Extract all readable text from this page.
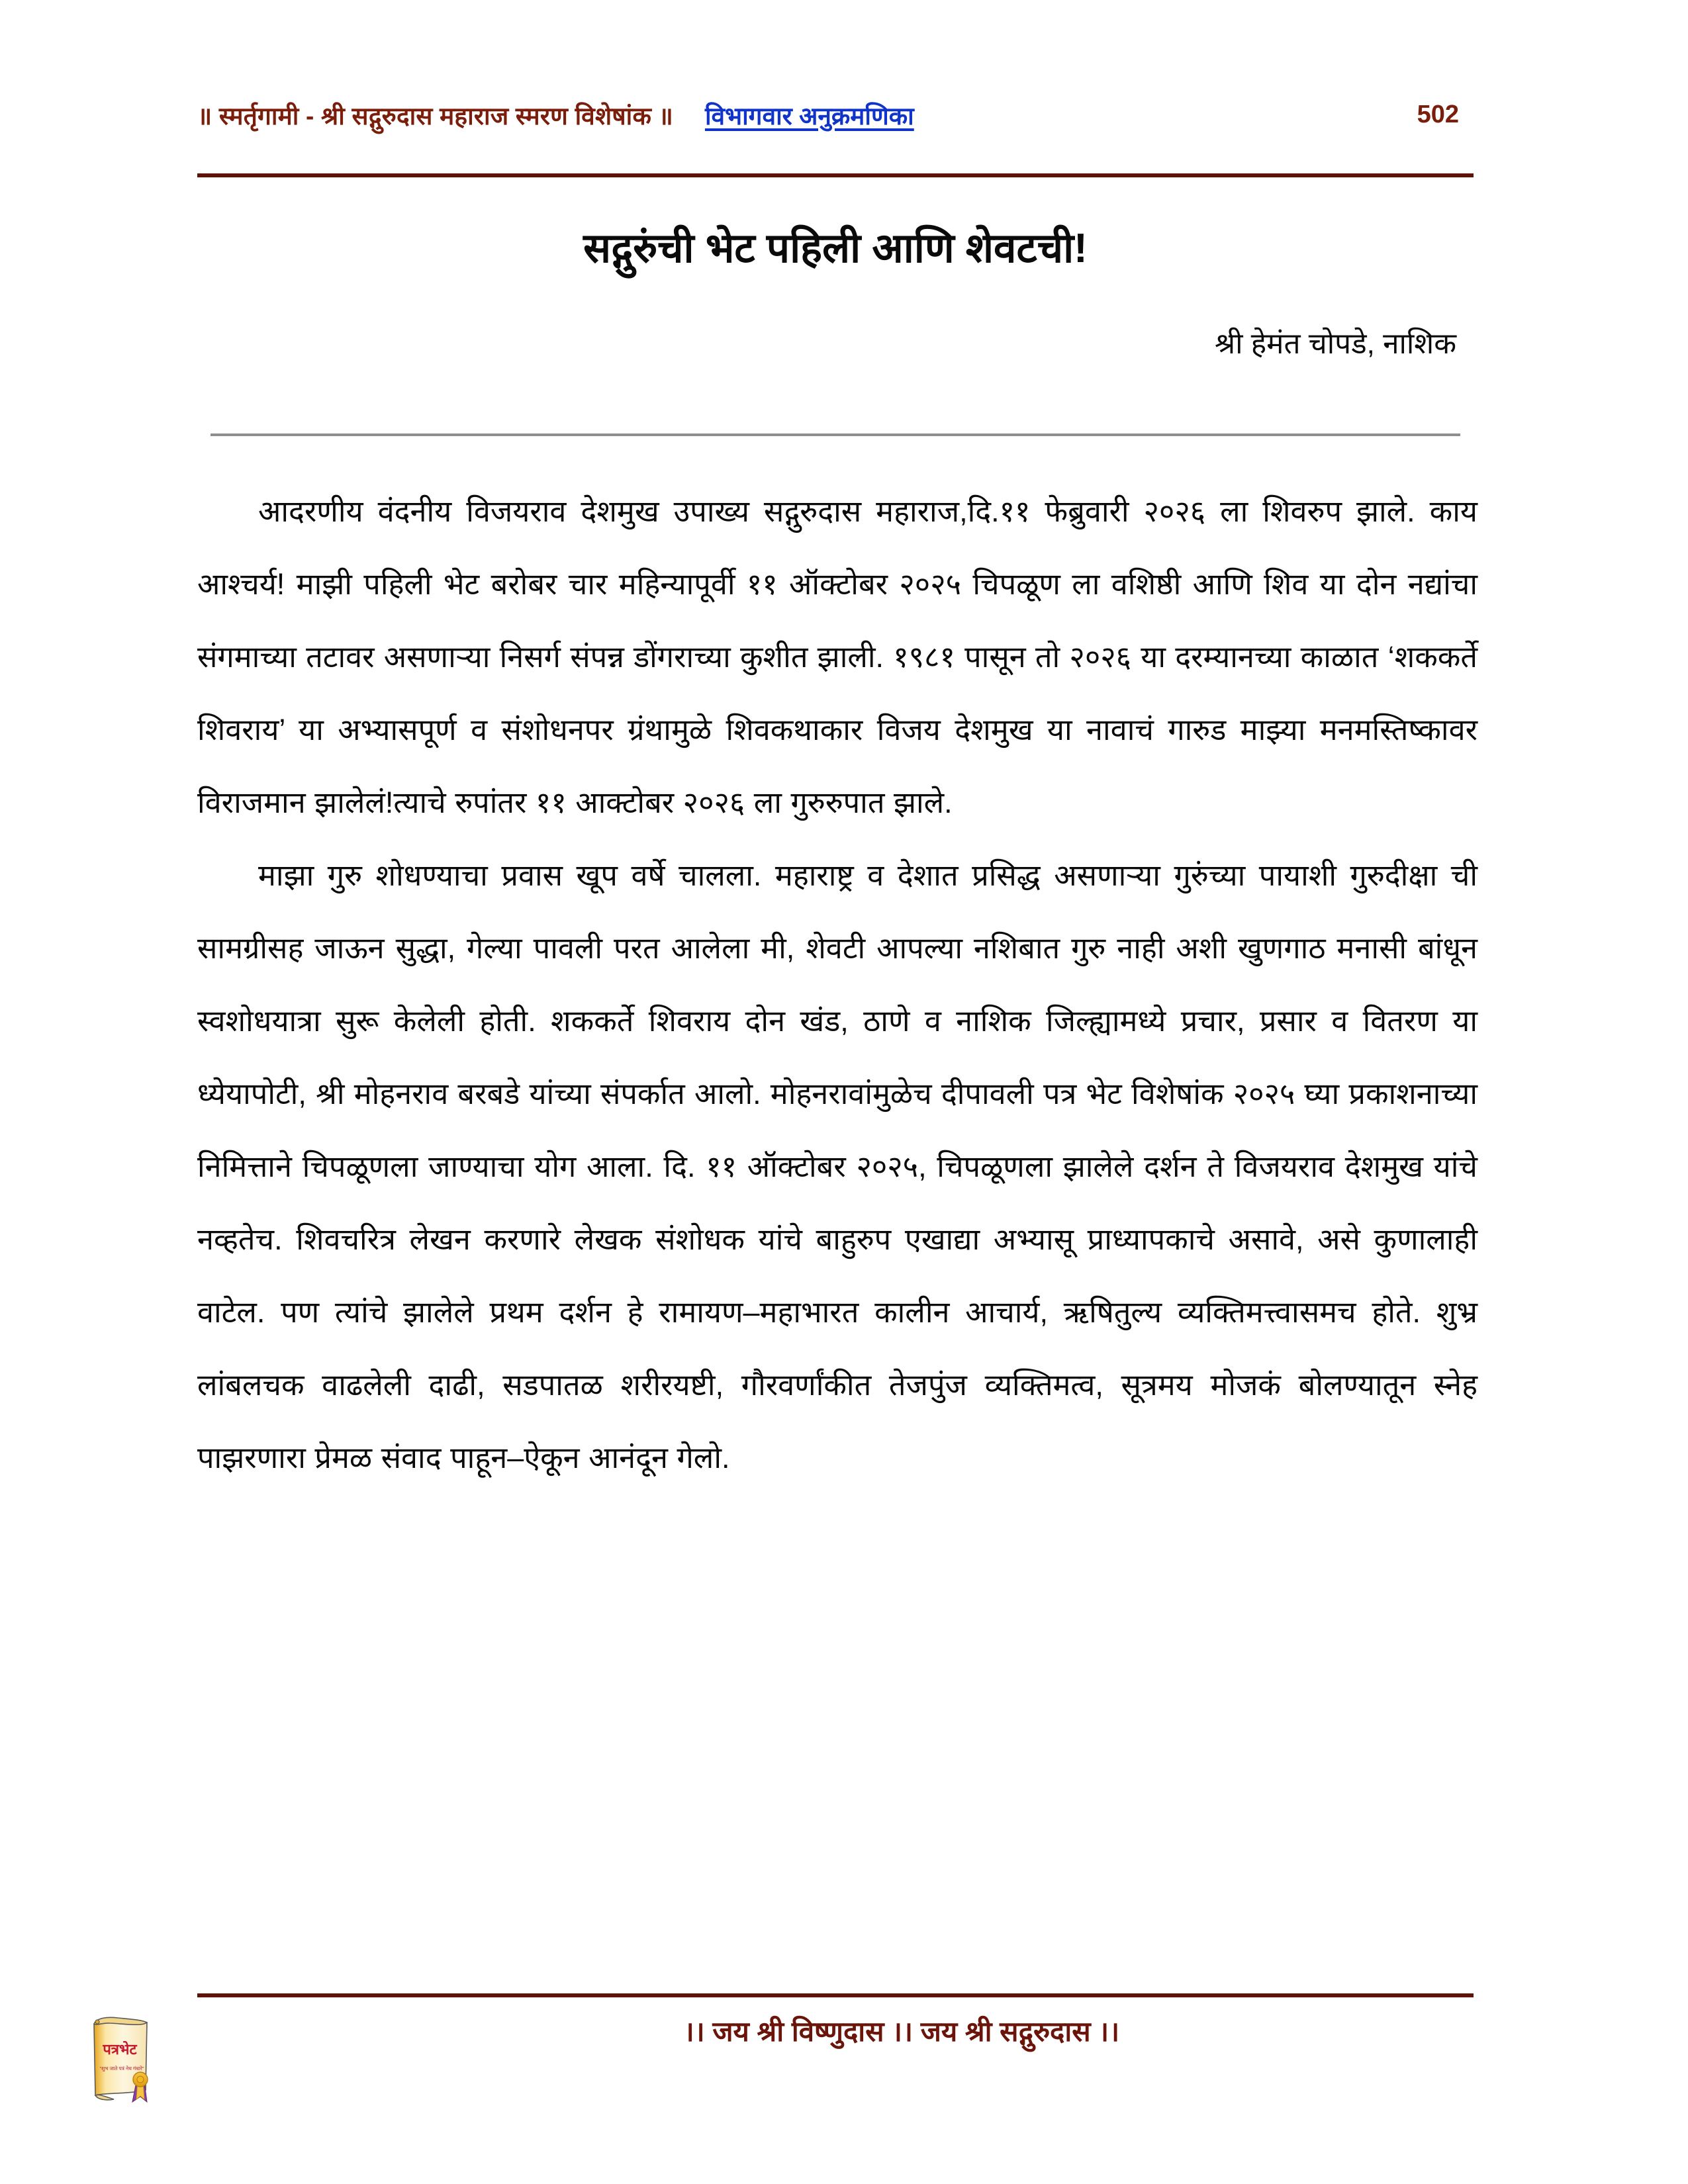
॥ स्मर्तृगामी - श्री सद्गुरुदास महाराज स्मरण विशेषांक ॥ विभागवार अनुक्रमणिका	502
सद्गुरुंची भेट पहिली आणि शेवटची!
श्री हेमंत चोपडे, नाशिक

आदरणीय वंदनीय विजयराव देशमुख उपाख्य सद्गुरुदास महाराज,दि.११ फेब्रुवारी २०२६ ला शिवरुप झाले. काय आश्चर्य! माझी पहिली भेट बरोबर चार महिन्यापूर्वी ११ ऑक्टोबर २०२५ चिपळूण ला वशिष्ठी आणि शिव या दोन नद्यांचा संगमाच्या तटावर असणाऱ्या निसर्ग संपन्न डोंगराच्या कुशीत झाली. १९८१ पासून तो २०२६ या दरम्यानच्या काळात ‘शककर्ते शिवराय’ या अभ्यासपूर्ण व संशोधनपर ग्रंथामुळे शिवकथाकार विजय देशमुख या नावाचं गारुड माझ्या मनमस्तिष्कावर विराजमान झालेलं!त्याचे रुपांतर ११ आक्टोबर २०२६ ला गुरुरुपात झाले.

माझा गुरु शोधण्याचा प्रवास खूप वर्षे चालला. महाराष्ट्र व देशात प्रसिद्ध असणाऱ्या गुरुंच्या पायाशी गुरुदीक्षा ची सामग्रीसह जाऊन सुद्धा, गेल्या पावली परत आलेला मी, शेवटी आपल्या नशिबात गुरु नाही अशी खुणगाठ मनासी बांधून स्वशोधयात्रा सुरू केलेली होती. शककर्ते शिवराय दोन खंड, ठाणे व नाशिक जिल्ह्यामध्ये प्रचार, प्रसार व वितरण या ध्येयापोटी, श्री मोहनराव बरबडे यांच्या संपर्कात आलो. मोहनरावांमुळेच दीपावली पत्र भेट विशेषांक २०२५ घ्या प्रकाशनाच्या निमित्ताने चिपळूणला जाण्याचा योग आला. दि. ११ ऑक्टोबर २०२५, चिपळूणला झालेले दर्शन ते विजयराव देशमुख यांचे नव्हतेच. शिवचरित्र लेखन करणारे लेखक संशोधक यांचे बाहुरुप एखाद्या अभ्यासू प्राध्यापकाचे असावे, असे कुणालाही वाटेल. पण त्यांचे झालेले प्रथम दर्शन हे रामायण–महाभारत कालीन आचार्य, ऋषितुल्य व्यक्तिमत्त्वासमच होते. शुभ्र लांबलचक वाढलेली दाढी, सडपातळ शरीरयष्टी, गौरवर्णांकीत तेजपुंज व्यक्तिमत्व, सूत्रमय मोजकं बोलण्यातून स्नेह पाझरणारा प्रेमळ संवाद पाहून–ऐकून आनंदून गेलो.

।। जय श्री विष्णुदास ।। जय श्री सद्गुरुदास ।।
पत्रभेट
"शुभ जाते पत्रं नेथ गंधारे"
